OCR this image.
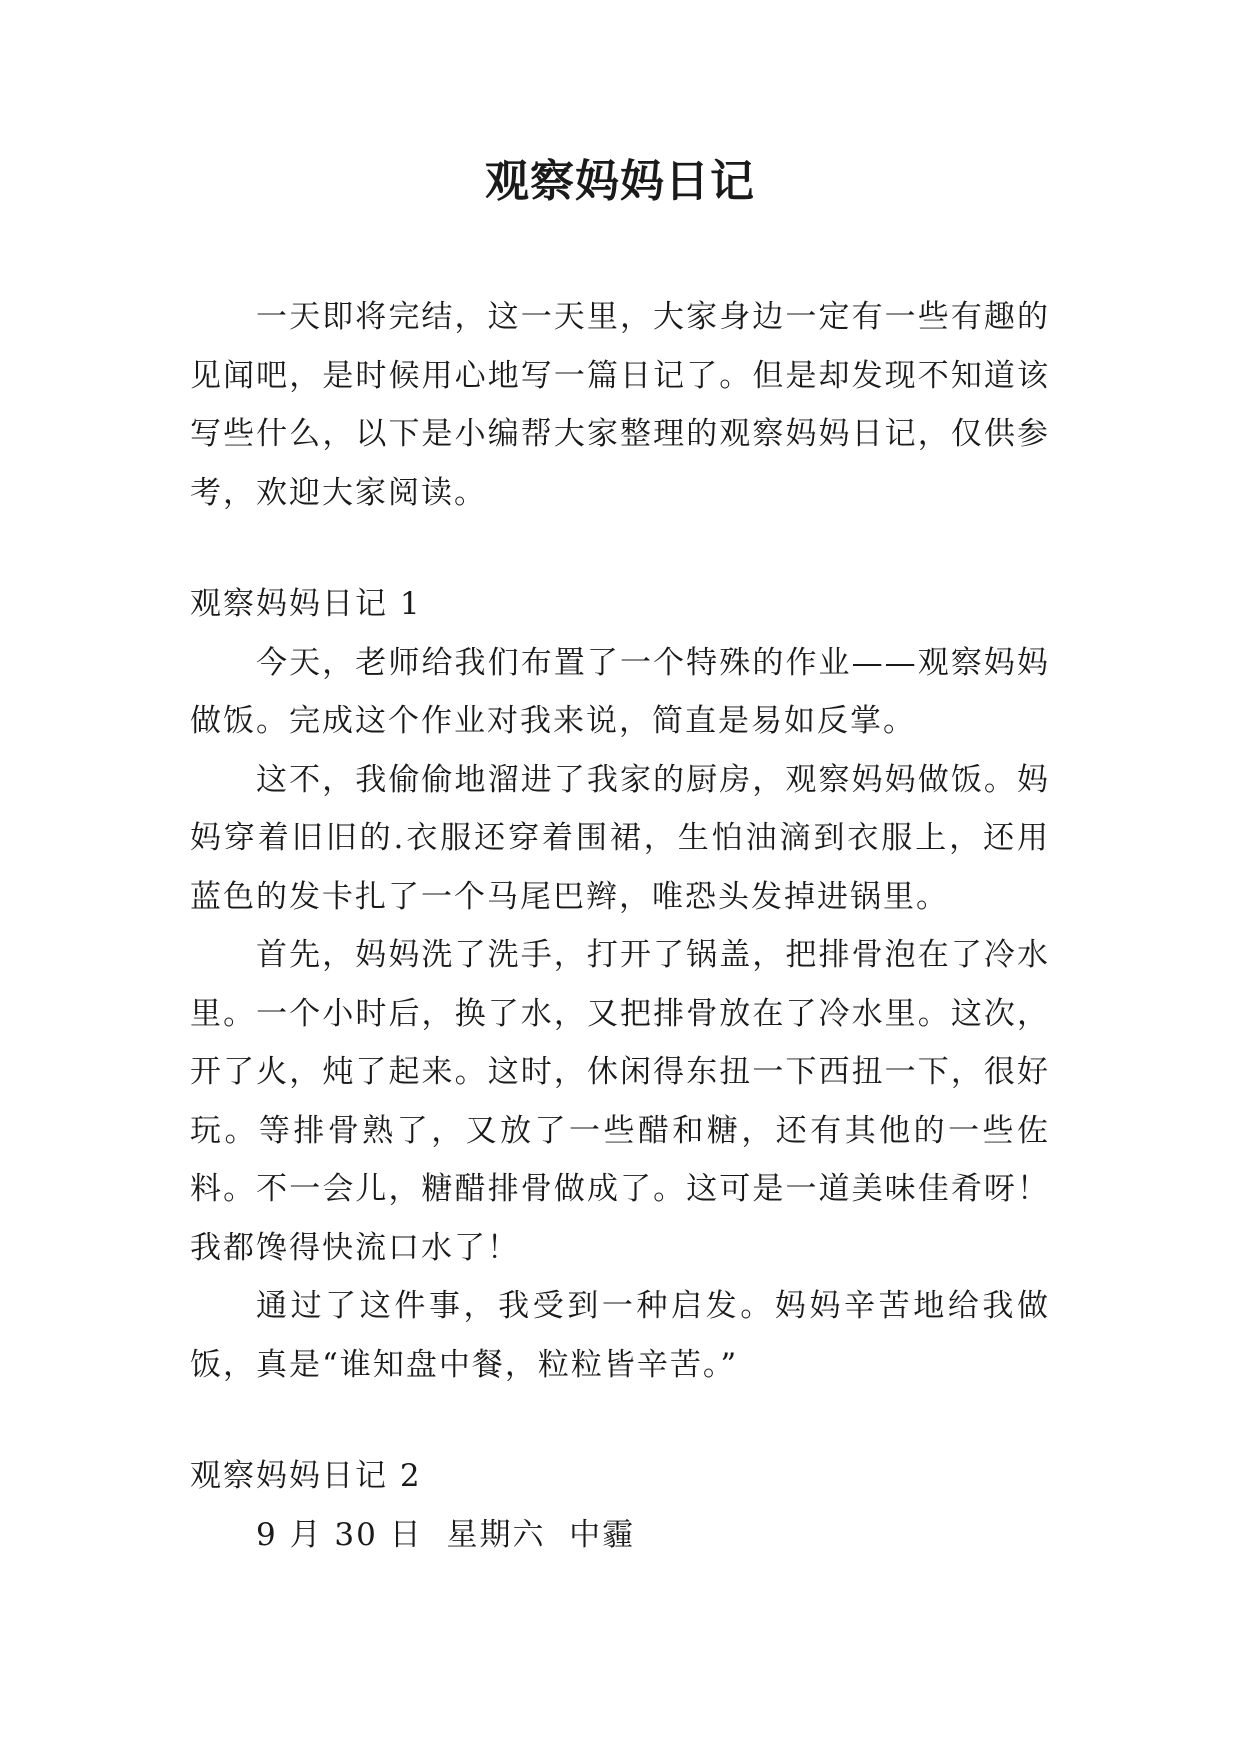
观察妈妈日记

一天即将完结，这一天里，大家身边一定有一些有趣的见闻吧，是时候用心地写一篇日记了。但是却发现不知道该写些什么，以下是小编帮大家整理的观察妈妈日记，仅供参考，欢迎大家阅读。

观察妈妈日记 1

今天，老师给我们布置了一个特殊的作业——观察妈妈做饭。完成这个作业对我来说，简直是易如反掌。

这不，我偷偷地溜进了我家的厨房，观察妈妈做饭。妈妈穿着旧旧的.衣服还穿着围裙，生怕油滴到衣服上，还用蓝色的发卡扎了一个马尾巴辫，唯恐头发掉进锅里。

首先，妈妈洗了洗手，打开了锅盖，把排骨泡在了冷水里。一个小时后，换了水，又把排骨放在了冷水里。这次，开了火，炖了起来。这时，休闲得东扭一下西扭一下，很好玩。等排骨熟了，又放了一些醋和糖，还有其他的一些佐料。不一会儿，糖醋排骨做成了。这可是一道美味佳肴呀！我都馋得快流口水了！

通过了这件事，我受到一种启发。妈妈辛苦地给我做饭，真是“谁知盘中餐，粒粒皆辛苦。”

观察妈妈日记 2

9 月 30 日  星期六  中霾
